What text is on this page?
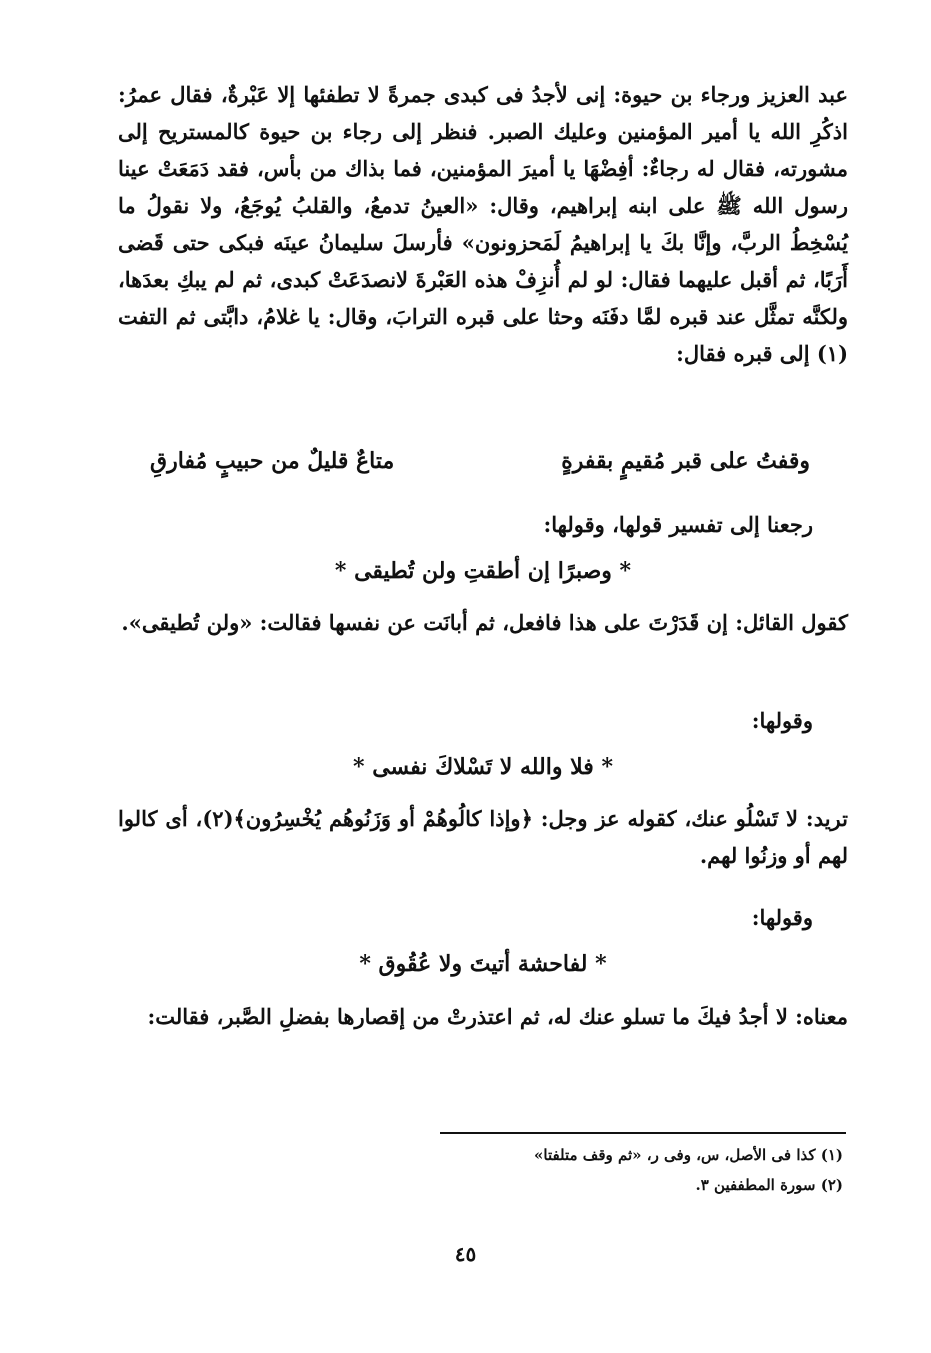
عبد العزيز ورجاء بن حيوة: إنى لأجدُ فى كبدى جمرةً لا تطفئها إلا عَبْرةٌ، فقال عمرُ: اذكُرِ الله يا أمير المؤمنين وعليك الصبر. فنظر إلى رجاء بن حيوة كالمستريح إلى مشورته، فقال له رجاءٌ: أفِضْهَا يا أميرَ المؤمنين، فما بذاك من بأس، فقد دَمَعَتْ عينا رسول الله ﷺ على ابنه إبراهيم، وقال: «العينُ تدمعُ، والقلبُ يُوجَعُ، ولا نقولُ ما يُسْخِطُ الربَّ، وإنَّا بكَ يا إبراهيمُ لَمَحزونون» فأرسلَ سليمانُ عينَه فبكى حتى قَضى أَرَبًا، ثم أقبل عليهما فقال: لو لم أُنزِفْ هذه العَبْرةَ لانصدَعَتْ كبدى، ثم لم يبكِ بعدَها، ولكنَّه تمثَّل عند قبره لمَّا دفَنَه وحثا على قبره الترابَ، وقال: يا غلامُ، دابَّتى ثم التفت (١) إلى قبره فقال:

وقفتُ على قبر مُقيمٍ بقفرةٍ
متاعٌ قليلٌ من حبيبٍ مُفارقِ
رجعنا إلى تفسير قولها، وقولها:
* وصبرًا إن أطقتِ ولن تُطيقى *

كقول القائل: إن قَدَرْتَ على هذا فافعل، ثم أبانَت عن نفسها فقالت: «ولن تُطيقى».

وقولها:
* فلا والله لا تَسْلاكَ نفسى *

تريد: لا تَسْلُو عنك، كقوله عز وجل: ﴿وإذا كالُوهُمْ أو وَزَنُوهُم يُخْسِرُون﴾(٢)، أى كالوا لهم أو وزنُوا لهم.

وقولها:
* لفاحشة أتيتَ ولا عُقُوق *

معناه: لا أجدُ فيكَ ما تسلو عنك له، ثم اعتذرتْ من إقصارها بفضلِ الصَّبر، فقالت:

(١) كذا فى الأصل، س، وفى ر، «ثم وقف متلفتا»
(٢) سورة المطففين ٣.
٤٥
